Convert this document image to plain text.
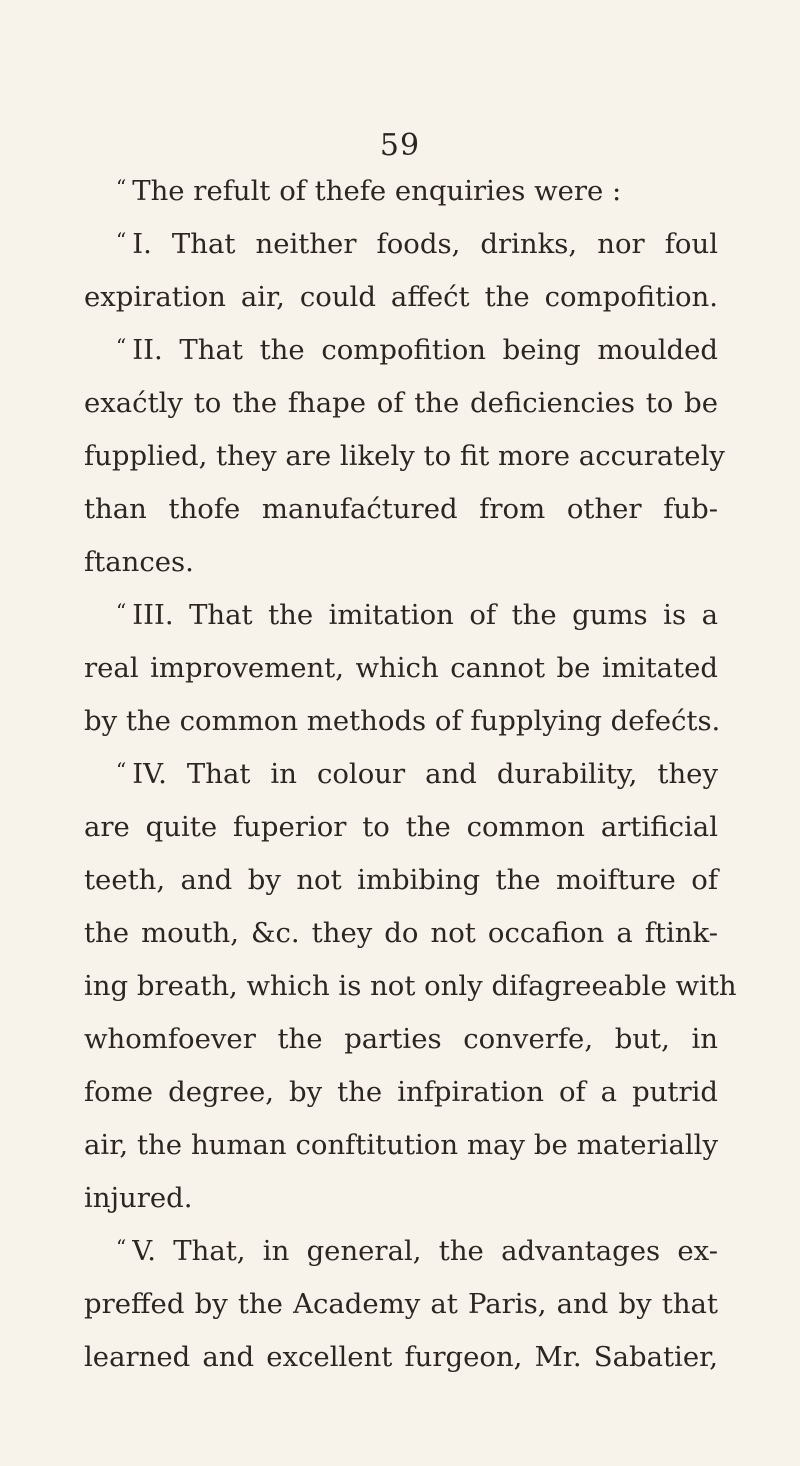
59
“ The refult of thefe enquiries were :
“ I. That neither foods, drinks, nor foul
expiration air, could affećt the compofition.
“ II. That the compofition being moulded
exaćtly to the fhape of the deficiencies to be
fupplied, they are likely to fit more accurately
than thofe manufaćtured from other fub-
ftances.
“ III. That the imitation of the gums is a
real improvement, which cannot be imitated
by the common methods of fupplying defećts.
“ IV. That in colour and durability, they
are quite fuperior to the common artificial
teeth, and by not imbibing the moifture of
the mouth, &c. they do not occafion a ftink-
ing breath, which is not only difagreeable with
whomfoever the parties converfe, but, in
fome degree, by the infpiration of a putrid
air, the human conftitution may be materially
injured.
“ V. That, in general, the advantages ex-
preffed by the Academy at Paris, and by that
learned and excellent furgeon, Mr. Sabatier,
